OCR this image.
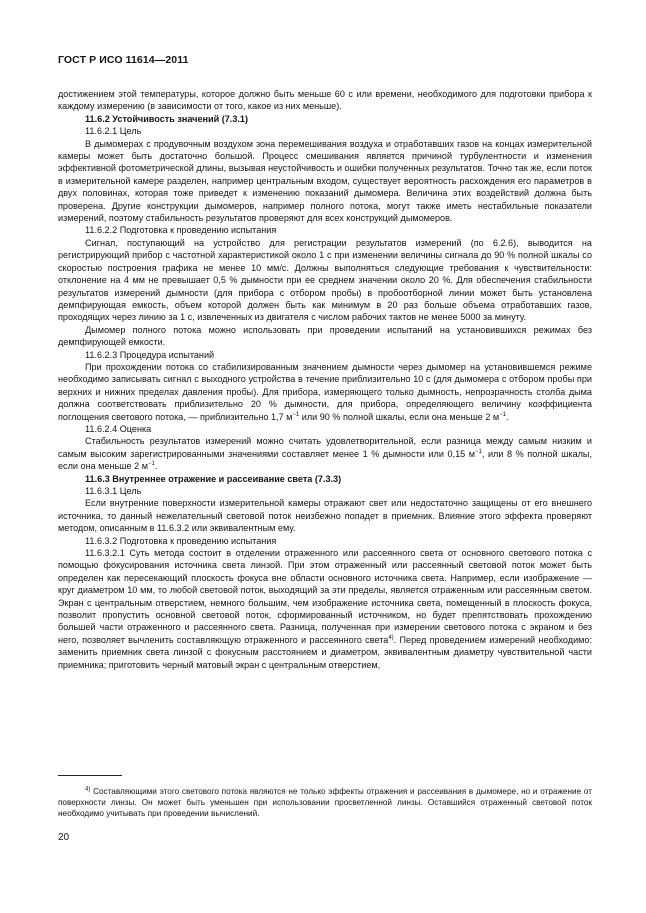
ГОСТ Р ИСО 11614—2011

достижением этой температуры, которое должно быть меньше 60 с или времени, необходимого для подготовки прибора к каждому измерению (в зависимости от того, какое из них меньше).

11.6.2 Устойчивость значений (7.3.1)

11.6.2.1 Цель

В дымомерах с продувочным воздухом зона перемешивания воздуха и отработавших газов на концах измерительной камеры может быть достаточно большой. Процесс смешивания является причиной турбулентности и изменения эффективной фотометрической длины, вызывая неустойчивость и ошибки полученных результатов. Точно так же, если поток в измерительной камере разделен, например центральным входом, существует вероятность расхождения его параметров в двух половинах, которая тоже приведет к изменению показаний дымомера. Величина этих воздействий должна быть проверена. Другие конструкции дымомеров, например полного потока, могут также иметь нестабильные показатели измерений, поэтому стабильность результатов проверяют для всех конструкций дымомеров.

11.6.2.2 Подготовка к проведению испытания

Сигнал, поступающий на устройство для регистрации результатов измерений (по 6.2.6), выводится на регистрирующий прибор с частотной характеристикой около 1 с при изменении величины сигнала до 90 % полной шкалы со скоростью построения графика не менее 10 мм/с. Должны выполняться следующие требования к чувствительности: отклонение на 4 мм не превышает 0,5 % дымности при ее среднем значении около 20 %. Для обеспечения стабильности результатов измерений дымности (для прибора с отбором пробы) в пробоотборной линии может быть установлена демпфирующая емкость, объем которой должен быть как минимум в 20 раз больше объема отработавших газов, проходящих через линию за 1 с, извлеченных из двигателя с числом рабочих тактов не менее 5000 за минуту.

Дымомер полного потока можно использовать при проведении испытаний на установившихся режимах без демпфирующей емкости.

11.6.2.3 Процедура испытаний

При прохождении потока со стабилизированным значением дымности через дымомер на установившемся режиме необходимо записывать сигнал с выходного устройства в течение приблизительно 10 с (для дымомера с отбором пробы при верхних и нижних пределах давления пробы). Для прибора, измеряющего только дымность, непрозрачность столба дыма должна соответствовать приблизительно 20 % дымности, для прибора, определяющего величину коэффициента поглощения светового потока, — приблизительно 1,7 $м^{-1}$ или 90 % полной шкалы, если она меньше 2 $м^{-1}$.

11.6.2.4 Оценка

Стабильность результатов измерений можно считать удовлетворительной, если разница между самым низким и самым высоким зарегистрированными значениями составляет менее 1 % дымности или 0,15 $м^{-1}$, или 8 % полной шкалы, если она меньше 2 $м^{-1}$.

11.6.3 Внутреннее отражение и рассеивание света (7.3.3)

11.6.3.1 Цель

Если внутренние поверхности измерительной камеры отражают свет или недостаточно защищены от его внешнего источника, то данный нежелательный световой поток неизбежно попадет в приемник. Влияние этого эффекта проверяют методом, описанным в 11.6.3.2 или эквивалентным ему.

11.6.3.2 Подготовка к проведению испытания

11.6.3.2.1 Суть метода состоит в отделении отраженного или рассеянного света от основного светового потока с помощью фокусирования источника света линзой. При этом отраженный или рассеянный световой поток может быть определен как пересекающий плоскость фокуса вне области основного источника света. Например, если изображение — круг диаметром 10 мм, то любой световой поток, выходящий за эти пределы, является отраженным или рассеянным светом. Экран с центральным отверстием, немного большим, чем изображение источника света, помещенный в плоскость фокуса, позволит пропустить основной световой поток, сформированный источником, но будет препятствовать прохождению большей части отраженного и рассеянного света. Разница, полученная при измерении светового потока с экраном и без него, позволяет вычленить составляющую отраженного и рассеянного света$^{4)}$. Перед проведением измерений необходимо: заменить приемник света линзой с фокусным расстоянием и диаметром, эквивалентным диаметру чувствительной части приемника; приготовить черный матовый экран с центральным отверстием,

$^{4)}$ Составляющими этого светового потока являются не только эффекты отражения и рассеивания в дымомере, но и отражение от поверхности линзы. Он может быть уменьшен при использовании просветленной линзы. Оставшийся отраженный световой поток необходимо учитывать при проведении вычислений.

20
